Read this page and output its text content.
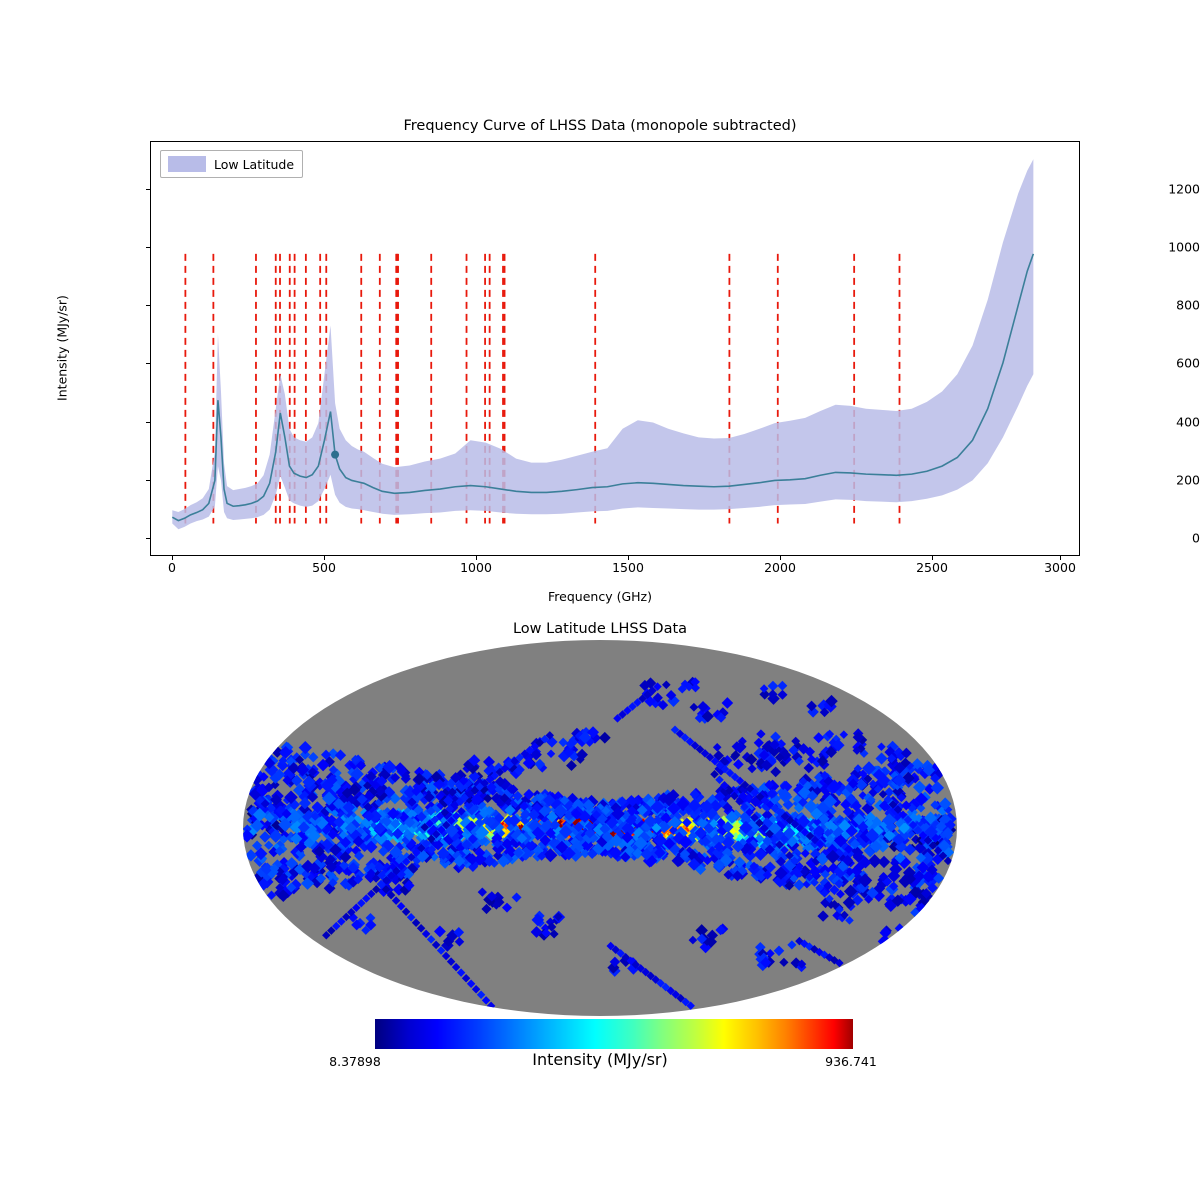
Frequency Curve of LHSS Data (monopole subtracted)
0
200
400
600
800
1000
1200
0	500	1000	1500	2000	2500	3000
Frequency (GHz)
Intensity (MJy/sr)
Low Latitude
Low Latitude LHSS Data
8.37898	936.741
Intensity (MJy/sr)
